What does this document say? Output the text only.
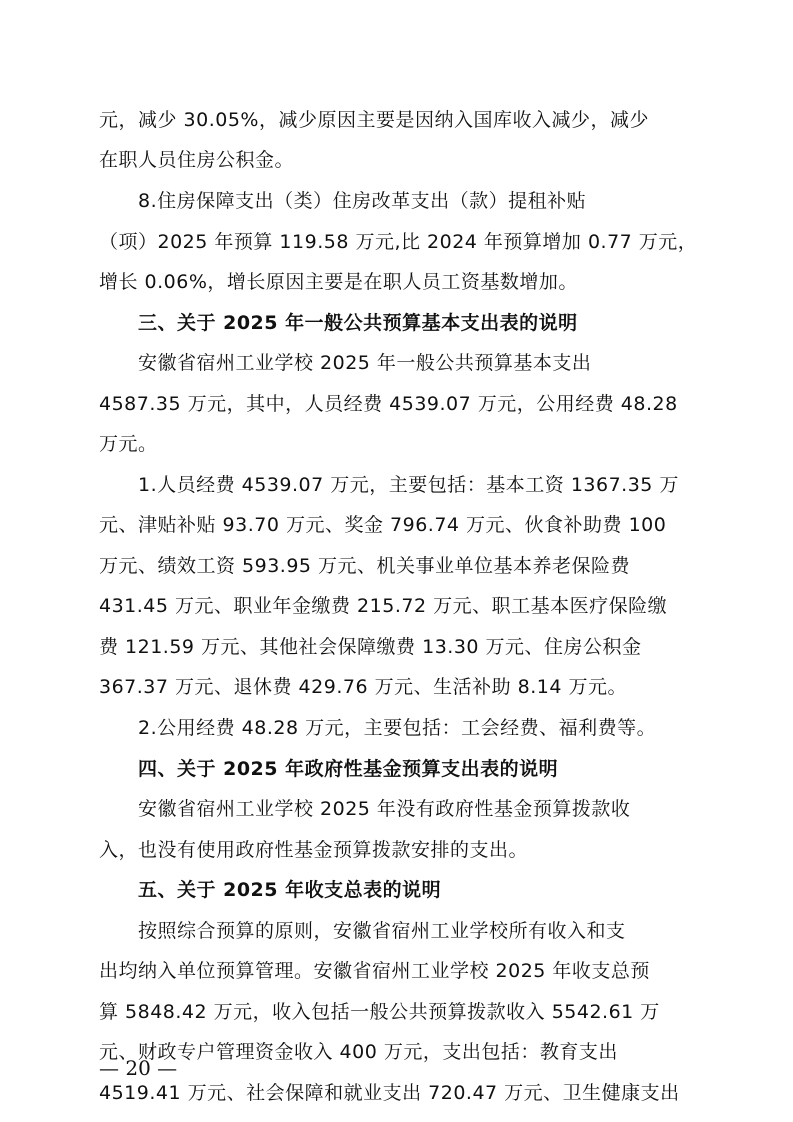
元，减少 30.05%，减少原因主要是因纳入国库收入减少，减少
在职人员住房公积金。
8.住房保障支出（类）住房改革支出（款）提租补贴
（项）2025 年预算 119.58 万元,比 2024 年预算增加 0.77 万元，
增长 0.06%，增长原因主要是在职人员工资基数增加。
三、关于 2025 年一般公共预算基本支出表的说明
安徽省宿州工业学校 2025 年一般公共预算基本支出
4587.35 万元，其中，人员经费 4539.07 万元，公用经费 48.28
万元。
1.人员经费 4539.07 万元，主要包括：基本工资 1367.35 万
元、津贴补贴 93.70 万元、奖金 796.74 万元、伙食补助费 100
万元、绩效工资 593.95 万元、机关事业单位基本养老保险费
431.45 万元、职业年金缴费 215.72 万元、职工基本医疗保险缴
费 121.59 万元、其他社会保障缴费 13.30 万元、住房公积金
367.37 万元、退休费 429.76 万元、生活补助 8.14 万元。
2.公用经费 48.28 万元，主要包括：工会经费、福利费等。
四、关于 2025 年政府性基金预算支出表的说明
安徽省宿州工业学校 2025 年没有政府性基金预算拨款收
入，也没有使用政府性基金预算拨款安排的支出。
五、关于 2025 年收支总表的说明
按照综合预算的原则，安徽省宿州工业学校所有收入和支
出均纳入单位预算管理。安徽省宿州工业学校 2025 年收支总预
算 5848.42 万元，收入包括一般公共预算拨款收入 5542.61 万
元、财政专户管理资金收入 400 万元，支出包括：教育支出
4519.41 万元、社会保障和就业支出 720.47 万元、卫生健康支出
— 20 —
